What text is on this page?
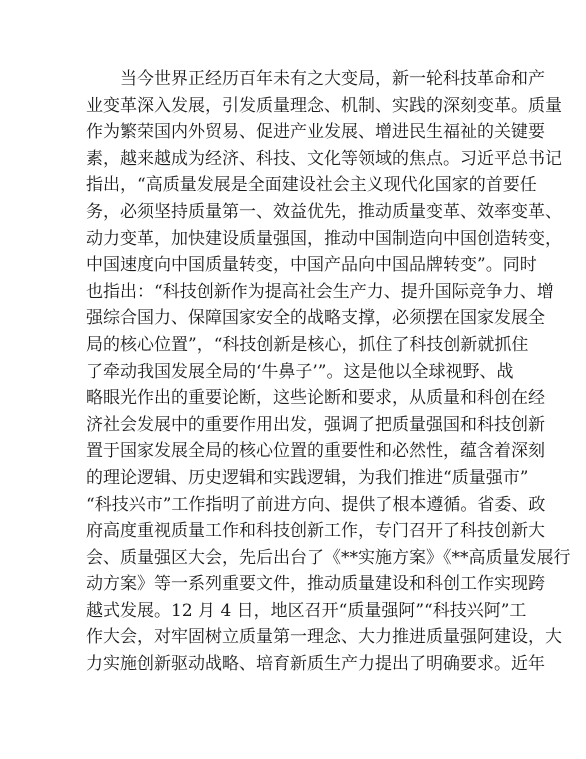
当今世界正经历百年未有之大变局，新一轮科技革命和产
业变革深入发展，引发质量理念、机制、实践的深刻变革。质量
作为繁荣国内外贸易、促进产业发展、增进民生福祉的关键要
素，越来越成为经济、科技、文化等领域的焦点。习近平总书记
指出，“高质量发展是全面建设社会主义现代化国家的首要任
务，必须坚持质量第一、效益优先，推动质量变革、效率变革、
动力变革，加快建设质量强国，推动中国制造向中国创造转变，
中国速度向中国质量转变，中国产品向中国品牌转变”。同时
也指出：“科技创新作为提高社会生产力、提升国际竞争力、增
强综合国力、保障国家安全的战略支撑，必须摆在国家发展全
局的核心位置”，“科技创新是核心，抓住了科技创新就抓住
了牵动我国发展全局的‘牛鼻子’”。这是他以全球视野、战
略眼光作出的重要论断，这些论断和要求，从质量和科创在经
济社会发展中的重要作用出发，强调了把质量强国和科技创新
置于国家发展全局的核心位置的重要性和必然性，蕴含着深刻
的理论逻辑、历史逻辑和实践逻辑，为我们推进“质量强市”
“科技兴市”工作指明了前进方向、提供了根本遵循。省委、政
府高度重视质量工作和科技创新工作，专门召开了科技创新大
会、质量强区大会，先后出台了《**实施方案》《**高质量发展行
动方案》等一系列重要文件，推动质量建设和科创工作实现跨
越式发展。12 月 4 日，地区召开“质量强阿”“科技兴阿”工
作大会，对牢固树立质量第一理念、大力推进质量强阿建设，大
力实施创新驱动战略、培育新质生产力提出了明确要求。近年
